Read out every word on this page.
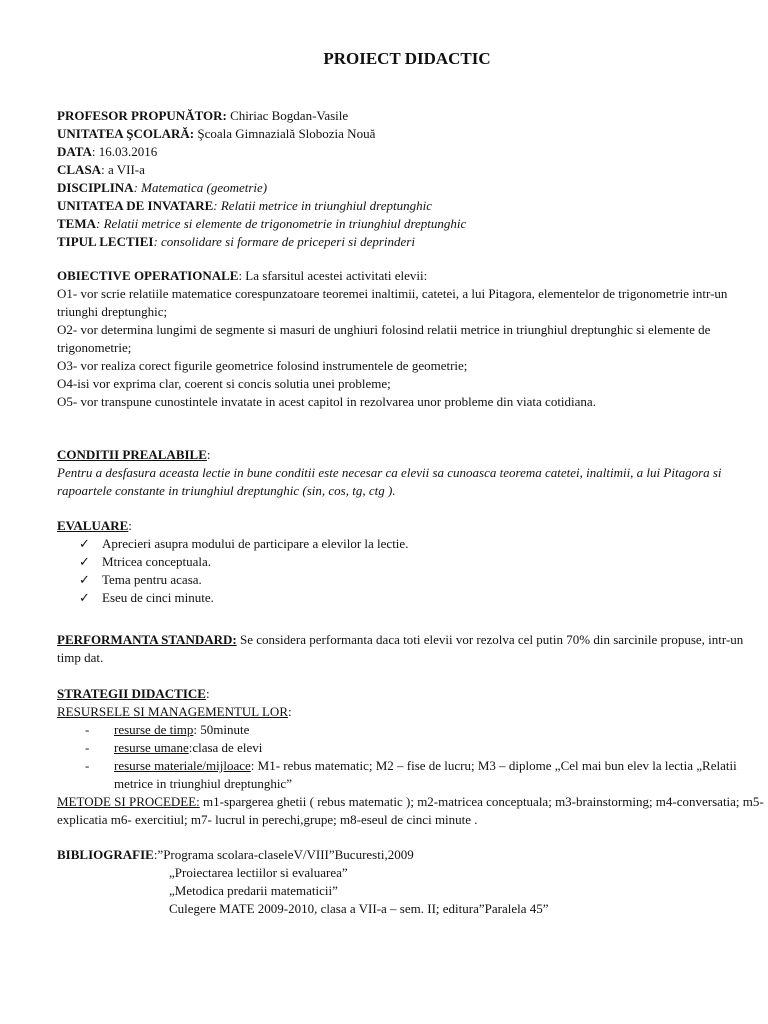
PROIECT DIDACTIC
PROFESOR PROPUNĂTOR: Chiriac Bogdan-Vasile
UNITATEA ŞCOLARĂ: Şcoala Gimnazială Slobozia Nouă
DATA: 16.03.2016
CLASA: a VII-a
DISCIPLINA: Matematica (geometrie)
UNITATEA DE INVATARE: Relatii metrice in triunghiul dreptunghic
TEMA: Relatii metrice si elemente de trigonometrie in triunghiul dreptunghic
TIPUL LECTIEI: consolidare si formare de priceperi si deprinderi
OBIECTIVE OPERATIONALE: La sfarsitul acestei activitati elevii:
O1- vor scrie relatiile matematice corespunzatoare teoremei inaltimii, catetei, a lui Pitagora, elementelor de trigonometrie intr-un triunghi dreptunghic;
O2- vor determina lungimi de segmente si masuri de unghiuri folosind relatii metrice in triunghiul dreptunghic si elemente de trigonometrie;
O3- vor realiza corect figurile geometrice folosind instrumentele de geometrie;
O4-isi vor exprima clar, coerent si concis solutia unei probleme;
O5- vor transpune cunostintele invatate in acest capitol in rezolvarea unor probleme din viata cotidiana.
CONDITII PREALABILE:
Pentru a desfasura aceasta lectie in bune conditii este necesar ca elevii sa cunoasca teorema catetei, inaltimii, a lui Pitagora si rapoartele constante in triunghiul dreptunghic (sin, cos, tg, ctg ).
EVALUARE:
✓ Aprecieri asupra modului de participare a elevilor la lectie.
✓ Mtricea conceptuala.
✓ Tema pentru acasa.
✓ Eseu de cinci minute.
PERFORMANTA STANDARD: Se considera performanta daca toti elevii vor rezolva cel putin 70% din sarcinile propuse, intr-un timp dat.
STRATEGII DIDACTICE:
RESURSELE SI MANAGEMENTUL LOR:
- resurse de timp: 50minute
- resurse umane:clasa de elevi
- resurse materiale/mijloace: M1- rebus matematic; M2 – fise de lucru; M3 – diplome „Cel mai bun elev la lectia „Relatii metrice in triunghiul dreptunghic”
METODE SI PROCEDEE: m1-spargerea ghetii ( rebus matematic ); m2-matricea conceptuala; m3-brainstorming; m4-conversatia; m5- explicatia m6- exercitiul; m7- lucrul in perechi,grupe; m8-eseul de cinci minute .
BIBLIOGRAFIE:”Programa scolara-claseleV/VIII”Bucuresti,2009
„Proiectarea lectiilor si evaluarea”
„Metodica predarii matematicii”
Culegere MATE 2009-2010, clasa a VII-a – sem. II; editura”Paralela 45”
